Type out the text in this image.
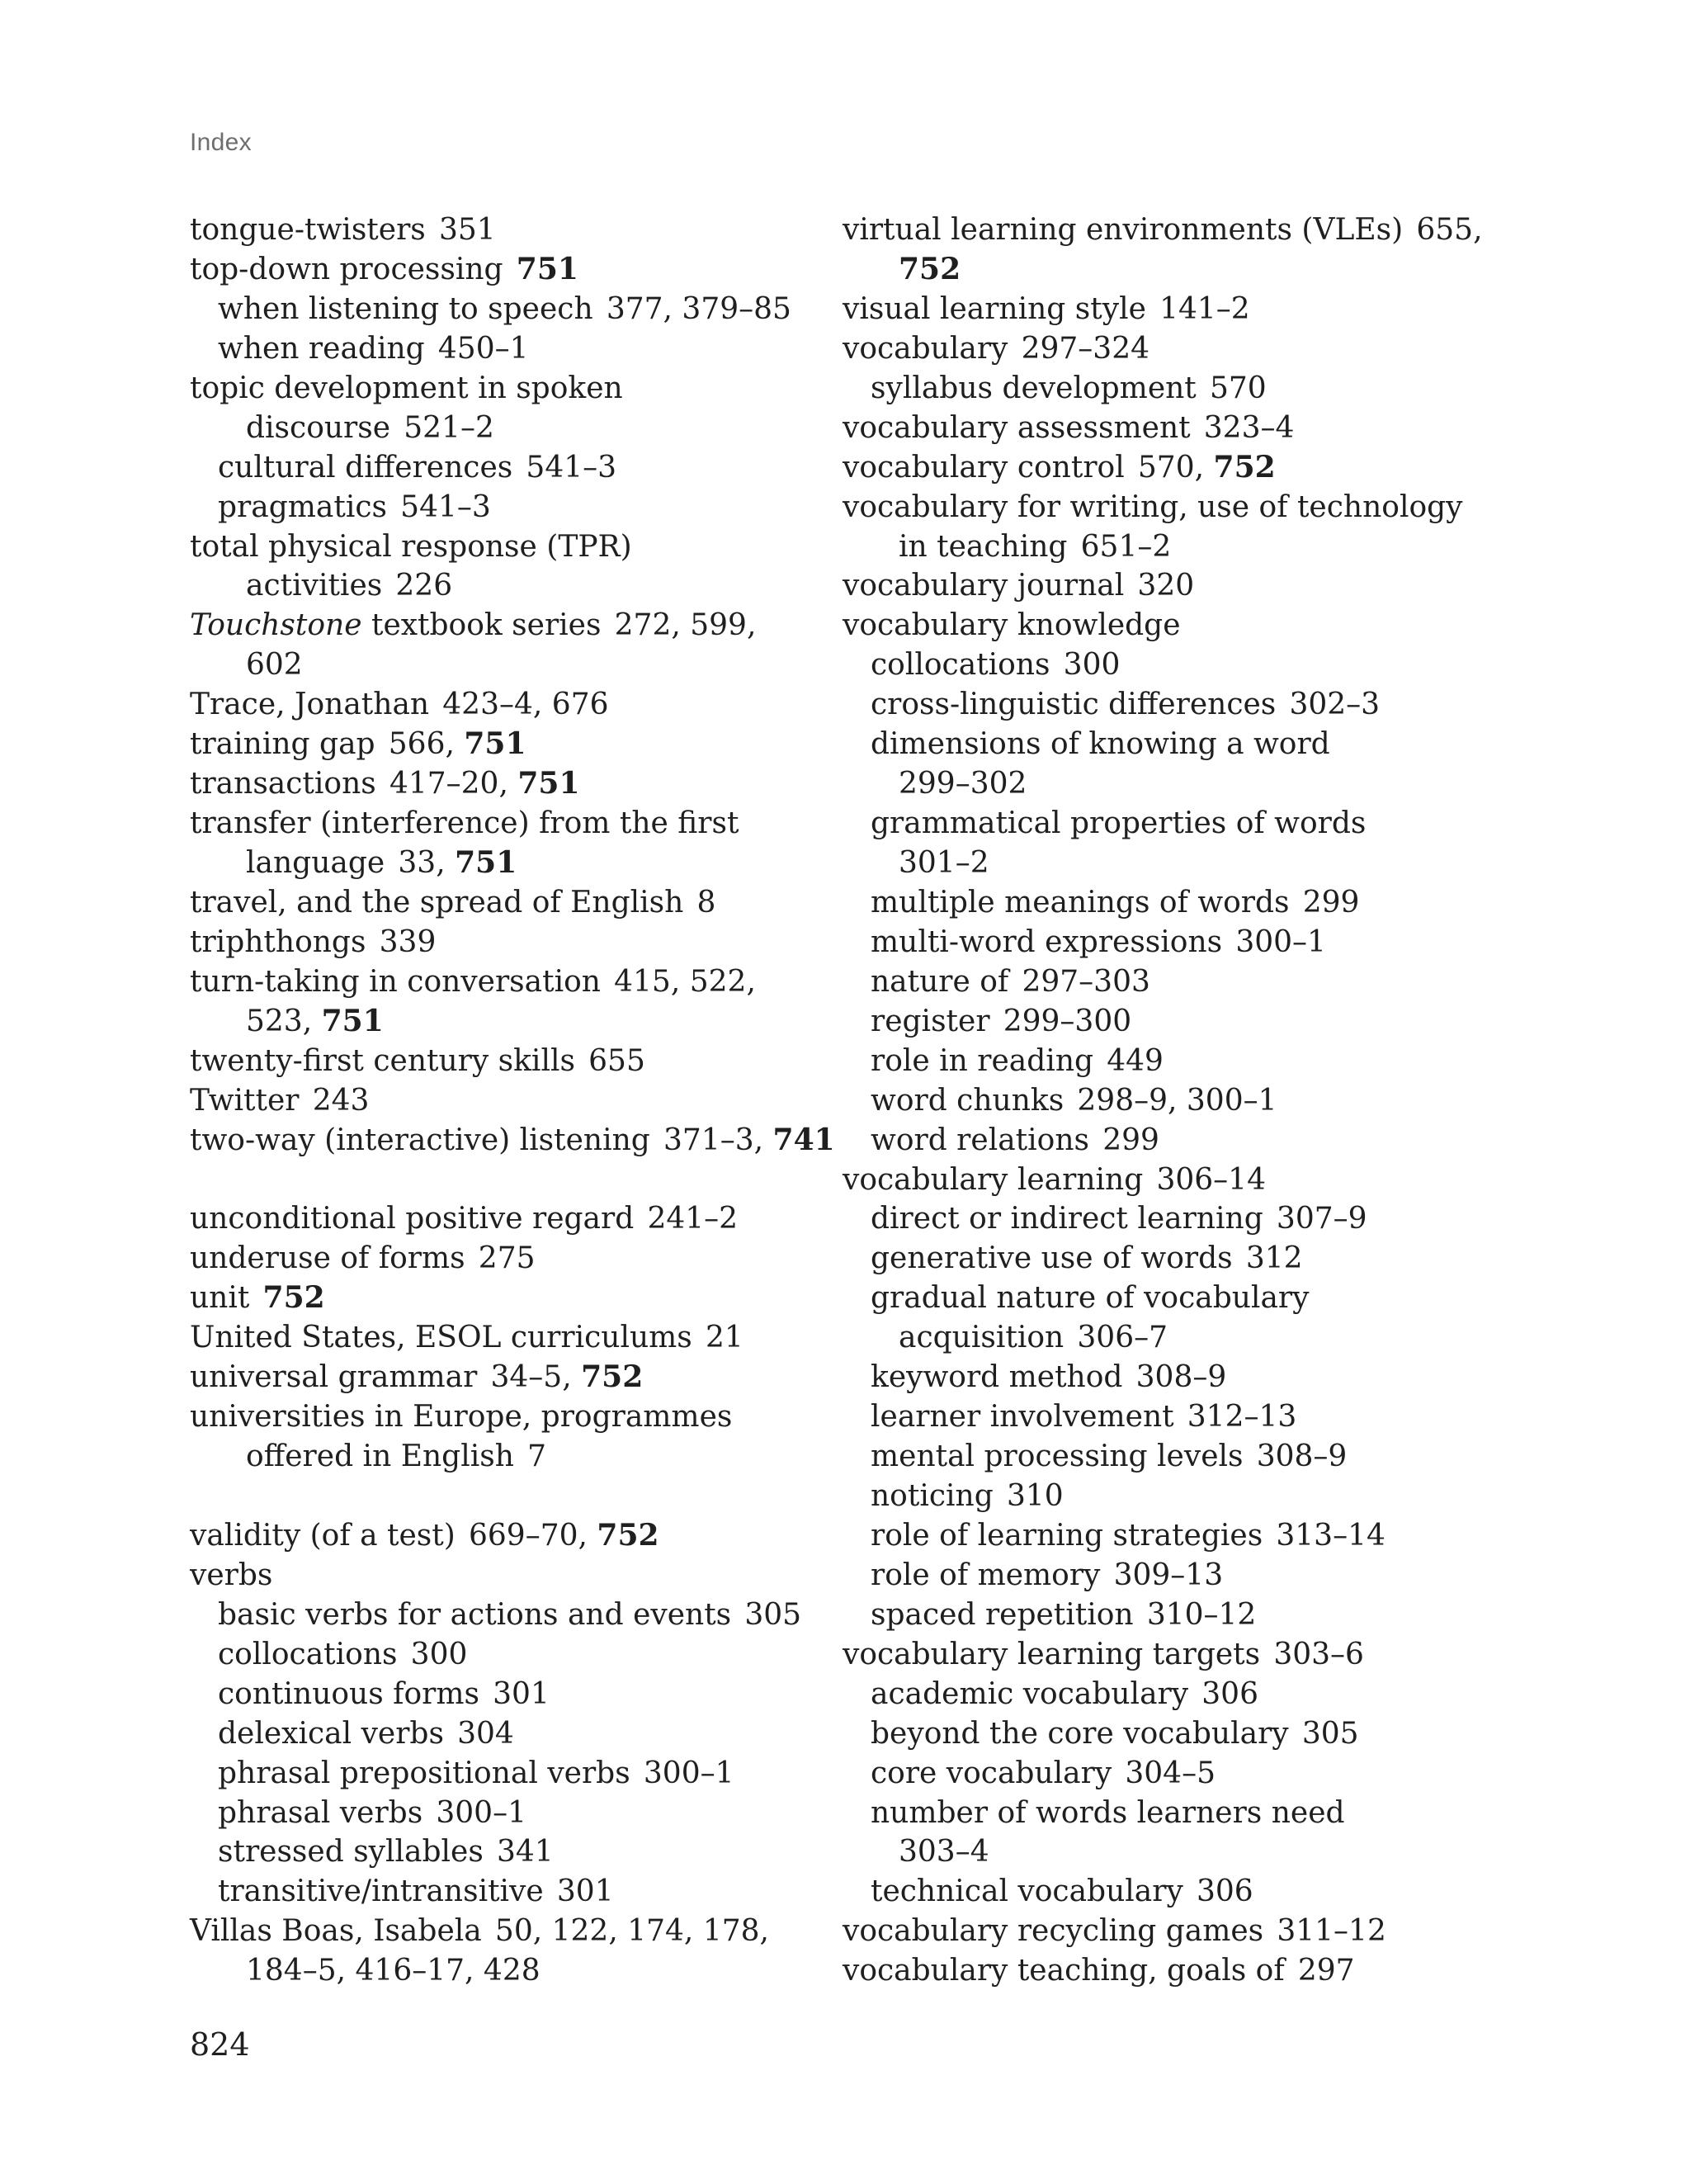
Index
tongue-twisters 351
top-down processing 751
when listening to speech 377, 379–85
when reading 450–1
topic development in spoken
discourse 521–2
cultural differences 541–3
pragmatics 541–3
total physical response (TPR)
activities 226
Touchstone textbook series 272, 599,
602
Trace, Jonathan 423–4, 676
training gap 566, 751
transactions 417–20, 751
transfer (interference) from the first
language 33, 751
travel, and the spread of English 8
triphthongs 339
turn-taking in conversation 415, 522,
523, 751
twenty-first century skills 655
Twitter 243
two-way (interactive) listening 371–3, 741
unconditional positive regard 241–2
underuse of forms 275
unit 752
United States, ESOL curriculums 21
universal grammar 34–5, 752
universities in Europe, programmes
offered in English 7
validity (of a test) 669–70, 752
verbs
basic verbs for actions and events 305
collocations 300
continuous forms 301
delexical verbs 304
phrasal prepositional verbs 300–1
phrasal verbs 300–1
stressed syllables 341
transitive/intransitive 301
Villas Boas, Isabela 50, 122, 174, 178,
184–5, 416–17, 428
virtual learning environments (VLEs) 655,
752
visual learning style 141–2
vocabulary 297–324
syllabus development 570
vocabulary assessment 323–4
vocabulary control 570, 752
vocabulary for writing, use of technology
in teaching 651–2
vocabulary journal 320
vocabulary knowledge
collocations 300
cross-linguistic differences 302–3
dimensions of knowing a word
299–302
grammatical properties of words
301–2
multiple meanings of words 299
multi-word expressions 300–1
nature of 297–303
register 299–300
role in reading 449
word chunks 298–9, 300–1
word relations 299
vocabulary learning 306–14
direct or indirect learning 307–9
generative use of words 312
gradual nature of vocabulary
acquisition 306–7
keyword method 308–9
learner involvement 312–13
mental processing levels 308–9
noticing 310
role of learning strategies 313–14
role of memory 309–13
spaced repetition 310–12
vocabulary learning targets 303–6
academic vocabulary 306
beyond the core vocabulary 305
core vocabulary 304–5
number of words learners need
303–4
technical vocabulary 306
vocabulary recycling games 311–12
vocabulary teaching, goals of 297
824
